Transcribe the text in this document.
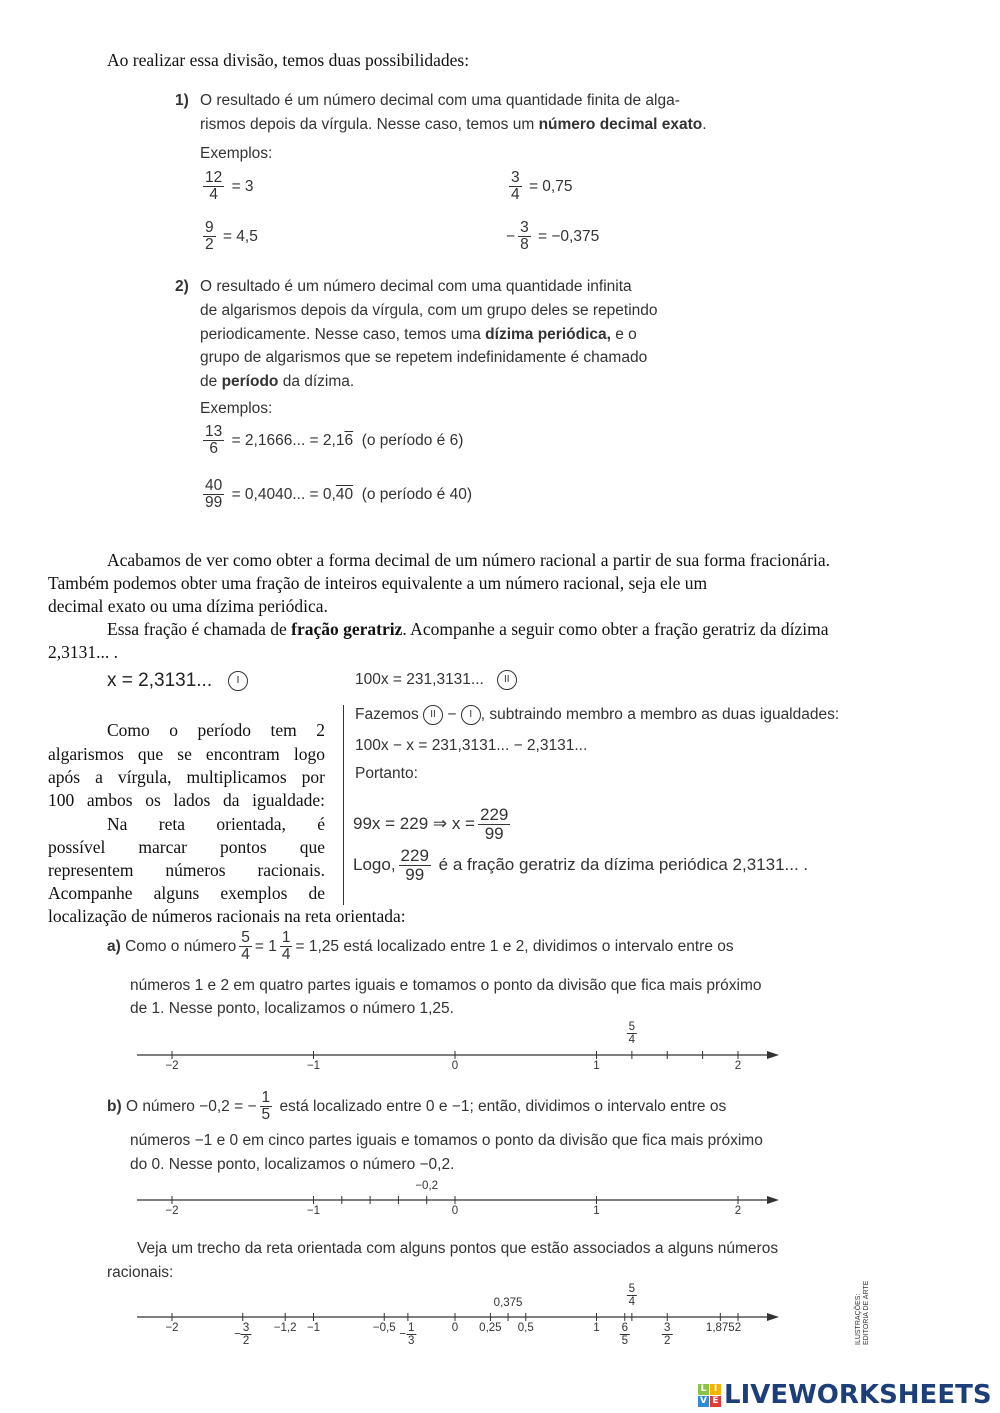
Ao realizar essa divisão, temos duas possibilidades:
1) O resultado é um número decimal com uma quantidade finita de alga-
rismos depois da vírgula. Nesse caso, temos um número decimal exato.
Exemplos:
$\frac{12}{4} = 3$	$\frac{3}{4} = 0,75$
$\frac{9}{2} = 4,5$	− $\frac{3}{8} = -0,375$
2) O resultado é um número decimal com uma quantidade infinita
de algarismos depois da vírgula, com um grupo deles se repetindo
periodicamente. Nesse caso, temos uma dízima periódica, e o
grupo de algarismos que se repetem indefinidamente é chamado
de período da dízima.
Exemplos:
$\frac{13}{6} = 2,1666$... = 2,16 (o período é 6)
$\frac{40}{99} = 0,4040$... = 0,40 (o período é 40)
Acabamos de ver como obter a forma decimal de um número racional a partir de sua forma fracionária.
Também podemos obter uma fração de inteiros equivalente a um número racional, seja ele um
decimal exato ou uma dízima periódica.
Essa fração é chamada de fração geratriz. Acompanhe a seguir como obter a fração geratriz da dízima
2,3131... .
x = 2,3131... I	100x = 231,3131... II
Como o período tem 2
algarismos que se encontram logo
após a vírgula, multiplicamos por
100 ambos os lados da igualdade:
Na reta orientada, é
possível marcar pontos que
representem números racionais.
Acompanhe alguns exemplos de
localização de números racionais na reta orientada:
Fazemos II − I , subtraindo membro a membro as duas igualdades:
100x − x = 231,3131... − 2,3131...
Portanto:
99x = 229 ⇒ $x = \frac{229}{99}$
Logo, $\frac{229}{99}$ é a fração geratriz da dízima periódica 2,3131... .
a) Como o número $\frac{5}{4} = 1 \frac{1}{4} = 1,25$ está localizado entre 1 e 2, dividimos o intervalo entre os
números 1 e 2 em quatro partes iguais e tomamos o ponto da divisão que fica mais próximo
de 1. Nesse ponto, localizamos o número 1,25.
−2	−1	0	1
$\frac{5}{4}$
2
b) O número −0,2 = − $\frac{1}{5}$ está localizado entre 0 e −1; então, dividimos o intervalo entre os
números −1 e 0 em cinco partes iguais e tomamos o ponto da divisão que fica mais próximo
do 0. Nesse ponto, localizamos o número −0,2.
−2	−1
−0,2
0	1	2
Veja um trecho da reta orientada com alguns pontos que estão associados a alguns números
racionais:
−2
− $\frac{3}{2} -1,2 -1$	−0,5
− $\frac{1}{3}$	0 0,25
0,375
0,5	$1 \frac{6}{5}$
$\frac{5}{4}$
$\frac{3}{2}$	1,875 2	ILUSTRAÇÕES: EDITORIA DE ARTE
L I
V E LIVEWORKSHEETS
